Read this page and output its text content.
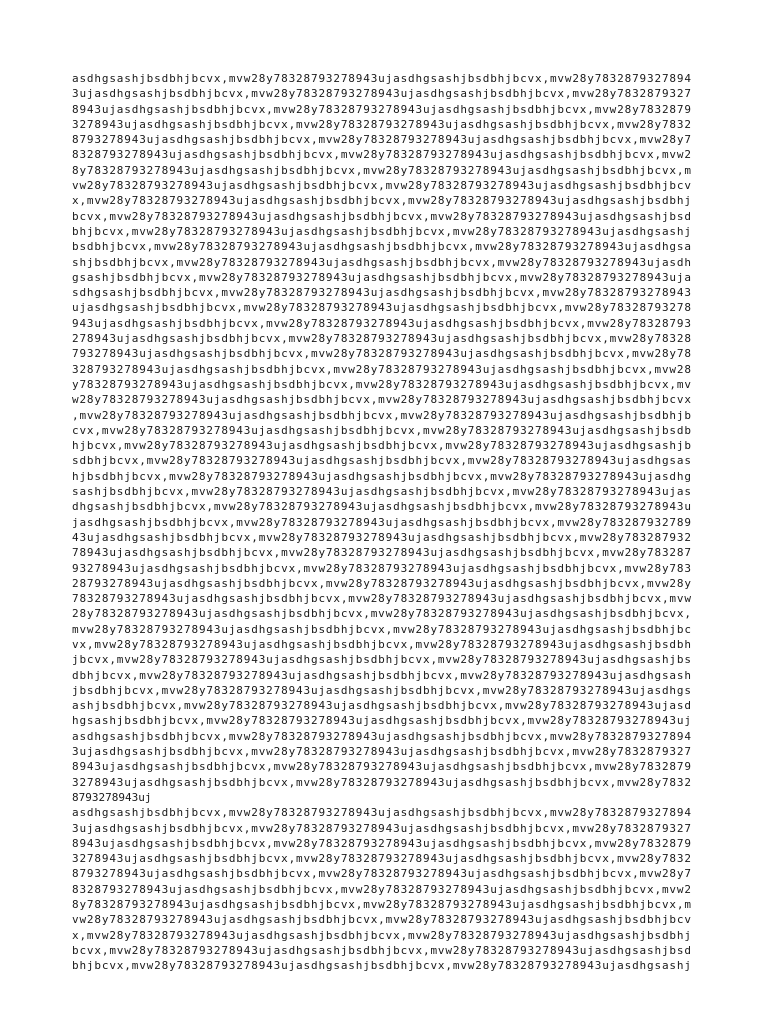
asdhgsashjbsdbhjbcvx,mvw28y78328793278943ujasdhgsashjbsdbhjbcvx,mvw28y7832879327894
3ujasdhgsashjbsdbhjbcvx,mvw28y78328793278943ujasdhgsashjbsdbhjbcvx,mvw28y7832879327
8943ujasdhgsashjbsdbhjbcvx,mvw28y78328793278943ujasdhgsashjbsdbhjbcvx,mvw28y7832879
3278943ujasdhgsashjbsdbhjbcvx,mvw28y78328793278943ujasdhgsashjbsdbhjbcvx,mvw28y7832
8793278943ujasdhgsashjbsdbhjbcvx,mvw28y78328793278943ujasdhgsashjbsdbhjbcvx,mvw28y7
8328793278943ujasdhgsashjbsdbhjbcvx,mvw28y78328793278943ujasdhgsashjbsdbhjbcvx,mvw2
8y78328793278943ujasdhgsashjbsdbhjbcvx,mvw28y78328793278943ujasdhgsashjbsdbhjbcvx,m
vw28y78328793278943ujasdhgsashjbsdbhjbcvx,mvw28y78328793278943ujasdhgsashjbsdbhjbcv
x,mvw28y78328793278943ujasdhgsashjbsdbhjbcvx,mvw28y78328793278943ujasdhgsashjbsdbhj
bcvx,mvw28y78328793278943ujasdhgsashjbsdbhjbcvx,mvw28y78328793278943ujasdhgsashjbsd
bhjbcvx,mvw28y78328793278943ujasdhgsashjbsdbhjbcvx,mvw28y78328793278943ujasdhgsashj
bsdbhjbcvx,mvw28y78328793278943ujasdhgsashjbsdbhjbcvx,mvw28y78328793278943ujasdhgsa
shjbsdbhjbcvx,mvw28y78328793278943ujasdhgsashjbsdbhjbcvx,mvw28y78328793278943ujasdh
gsashjbsdbhjbcvx,mvw28y78328793278943ujasdhgsashjbsdbhjbcvx,mvw28y78328793278943uja
sdhgsashjbsdbhjbcvx,mvw28y78328793278943ujasdhgsashjbsdbhjbcvx,mvw28y78328793278943
ujasdhgsashjbsdbhjbcvx,mvw28y78328793278943ujasdhgsashjbsdbhjbcvx,mvw28y78328793278
943ujasdhgsashjbsdbhjbcvx,mvw28y78328793278943ujasdhgsashjbsdbhjbcvx,mvw28y78328793
278943ujasdhgsashjbsdbhjbcvx,mvw28y78328793278943ujasdhgsashjbsdbhjbcvx,mvw28y78328
793278943ujasdhgsashjbsdbhjbcvx,mvw28y78328793278943ujasdhgsashjbsdbhjbcvx,mvw28y78
328793278943ujasdhgsashjbsdbhjbcvx,mvw28y78328793278943ujasdhgsashjbsdbhjbcvx,mvw28
y78328793278943ujasdhgsashjbsdbhjbcvx,mvw28y78328793278943ujasdhgsashjbsdbhjbcvx,mv
w28y78328793278943ujasdhgsashjbsdbhjbcvx,mvw28y78328793278943ujasdhgsashjbsdbhjbcvx
,mvw28y78328793278943ujasdhgsashjbsdbhjbcvx,mvw28y78328793278943ujasdhgsashjbsdbhjb
cvx,mvw28y78328793278943ujasdhgsashjbsdbhjbcvx,mvw28y78328793278943ujasdhgsashjbsdb
hjbcvx,mvw28y78328793278943ujasdhgsashjbsdbhjbcvx,mvw28y78328793278943ujasdhgsashjb
sdbhjbcvx,mvw28y78328793278943ujasdhgsashjbsdbhjbcvx,mvw28y78328793278943ujasdhgsas
hjbsdbhjbcvx,mvw28y78328793278943ujasdhgsashjbsdbhjbcvx,mvw28y78328793278943ujasdhg
sashjbsdbhjbcvx,mvw28y78328793278943ujasdhgsashjbsdbhjbcvx,mvw28y78328793278943ujas
dhgsashjbsdbhjbcvx,mvw28y78328793278943ujasdhgsashjbsdbhjbcvx,mvw28y78328793278943u
jasdhgsashjbsdbhjbcvx,mvw28y78328793278943ujasdhgsashjbsdbhjbcvx,mvw28y783287932789
43ujasdhgsashjbsdbhjbcvx,mvw28y78328793278943ujasdhgsashjbsdbhjbcvx,mvw28y783287932
78943ujasdhgsashjbsdbhjbcvx,mvw28y78328793278943ujasdhgsashjbsdbhjbcvx,mvw28y783287
93278943ujasdhgsashjbsdbhjbcvx,mvw28y78328793278943ujasdhgsashjbsdbhjbcvx,mvw28y783
28793278943ujasdhgsashjbsdbhjbcvx,mvw28y78328793278943ujasdhgsashjbsdbhjbcvx,mvw28y
78328793278943ujasdhgsashjbsdbhjbcvx,mvw28y78328793278943ujasdhgsashjbsdbhjbcvx,mvw
28y78328793278943ujasdhgsashjbsdbhjbcvx,mvw28y78328793278943ujasdhgsashjbsdbhjbcvx,
mvw28y78328793278943ujasdhgsashjbsdbhjbcvx,mvw28y78328793278943ujasdhgsashjbsdbhjbc
vx,mvw28y78328793278943ujasdhgsashjbsdbhjbcvx,mvw28y78328793278943ujasdhgsashjbsdbh
jbcvx,mvw28y78328793278943ujasdhgsashjbsdbhjbcvx,mvw28y78328793278943ujasdhgsashjbs
dbhjbcvx,mvw28y78328793278943ujasdhgsashjbsdbhjbcvx,mvw28y78328793278943ujasdhgsash
jbsdbhjbcvx,mvw28y78328793278943ujasdhgsashjbsdbhjbcvx,mvw28y78328793278943ujasdhgs
ashjbsdbhjbcvx,mvw28y78328793278943ujasdhgsashjbsdbhjbcvx,mvw28y78328793278943ujasd
hgsashjbsdbhjbcvx,mvw28y78328793278943ujasdhgsashjbsdbhjbcvx,mvw28y78328793278943uj
asdhgsashjbsdbhjbcvx,mvw28y78328793278943ujasdhgsashjbsdbhjbcvx,mvw28y7832879327894
3ujasdhgsashjbsdbhjbcvx,mvw28y78328793278943ujasdhgsashjbsdbhjbcvx,mvw28y7832879327
8943ujasdhgsashjbsdbhjbcvx,mvw28y78328793278943ujasdhgsashjbsdbhjbcvx,mvw28y7832879
3278943ujasdhgsashjbsdbhjbcvx,mvw28y78328793278943ujasdhgsashjbsdbhjbcvx,mvw28y7832
8793278943uj
asdhgsashjbsdbhjbcvx,mvw28y78328793278943ujasdhgsashjbsdbhjbcvx,mvw28y7832879327894
3ujasdhgsashjbsdbhjbcvx,mvw28y78328793278943ujasdhgsashjbsdbhjbcvx,mvw28y7832879327
8943ujasdhgsashjbsdbhjbcvx,mvw28y78328793278943ujasdhgsashjbsdbhjbcvx,mvw28y7832879
3278943ujasdhgsashjbsdbhjbcvx,mvw28y78328793278943ujasdhgsashjbsdbhjbcvx,mvw28y7832
8793278943ujasdhgsashjbsdbhjbcvx,mvw28y78328793278943ujasdhgsashjbsdbhjbcvx,mvw28y7
8328793278943ujasdhgsashjbsdbhjbcvx,mvw28y78328793278943ujasdhgsashjbsdbhjbcvx,mvw2
8y78328793278943ujasdhgsashjbsdbhjbcvx,mvw28y78328793278943ujasdhgsashjbsdbhjbcvx,m
vw28y78328793278943ujasdhgsashjbsdbhjbcvx,mvw28y78328793278943ujasdhgsashjbsdbhjbcv
x,mvw28y78328793278943ujasdhgsashjbsdbhjbcvx,mvw28y78328793278943ujasdhgsashjbsdbhj
bcvx,mvw28y78328793278943ujasdhgsashjbsdbhjbcvx,mvw28y78328793278943ujasdhgsashjbsd
bhjbcvx,mvw28y78328793278943ujasdhgsashjbsdbhjbcvx,mvw28y78328793278943ujasdhgsashj
